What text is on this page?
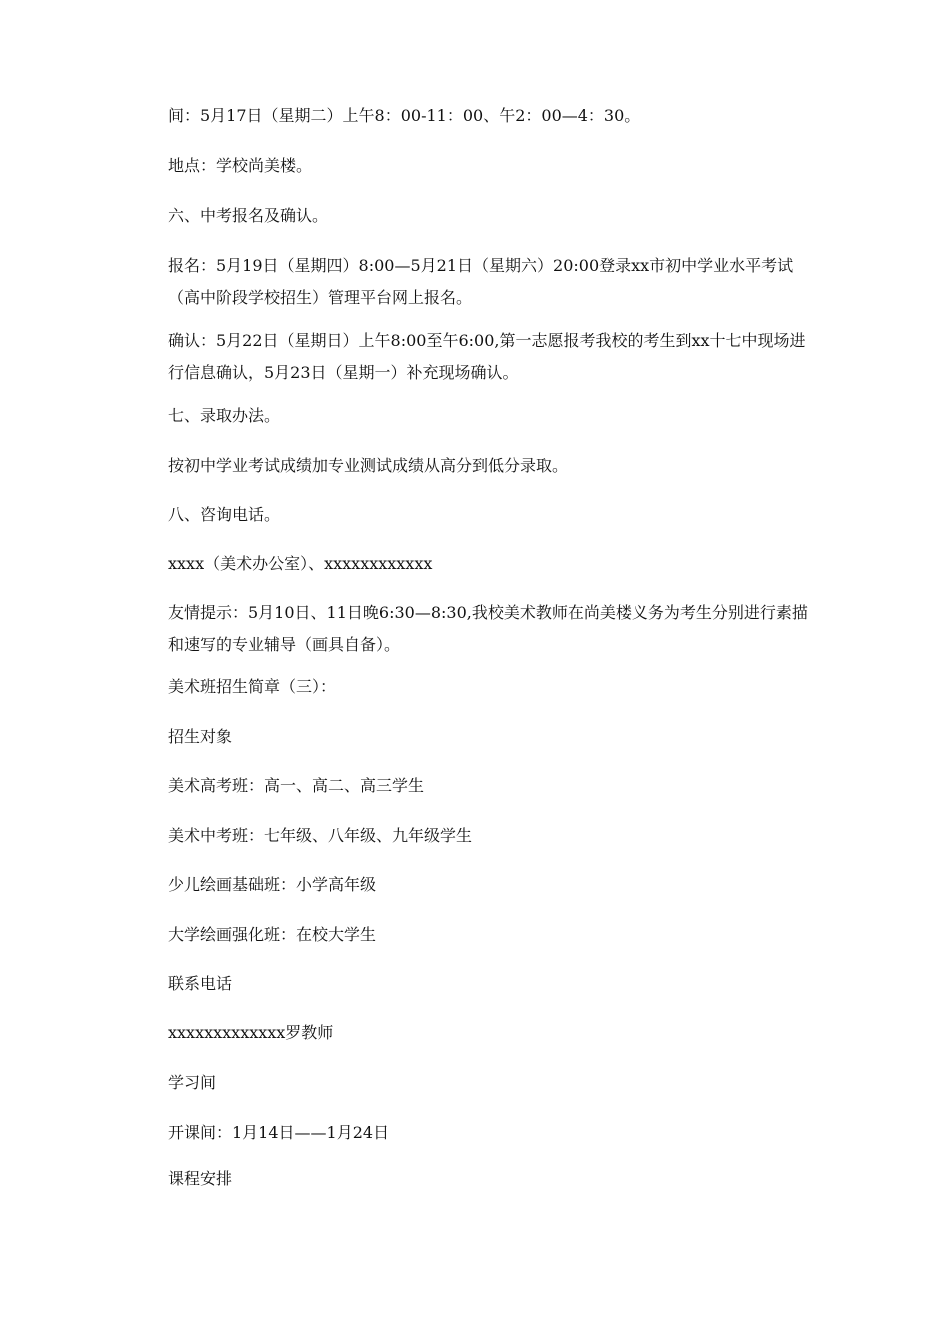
间：5月17日（星期二）上午8：00-11：00、午2：00—4：30。

地点：学校尚美楼。

六、中考报名及确认。

报名：5月19日（星期四）8:00—5月21日（星期六）20:00登录xx市初中学业水平考试（高中阶段学校招生）管理平台网上报名。

确认：5月22日（星期日）上午8:00至午6:00,第一志愿报考我校的考生到xx十七中现场进行信息确认，5月23日（星期一）补充现场确认。

七、录取办法。

按初中学业考试成绩加专业测试成绩从高分到低分录取。

八、咨询电话。

xxxx（美术办公室）、xxxxxxxxxxxx

友情提示：5月10日、11日晚6:30—8:30,我校美术教师在尚美楼义务为考生分别进行素描和速写的专业辅导（画具自备）。

美术班招生简章（三）：

招生对象

美术高考班：高一、高二、高三学生

美术中考班：七年级、八年级、九年级学生

少儿绘画基础班：小学高年级

大学绘画强化班：在校大学生

联系电话

xxxxxxxxxxxxx罗教师

学习间

开课间：1月14日——1月24日

课程安排
